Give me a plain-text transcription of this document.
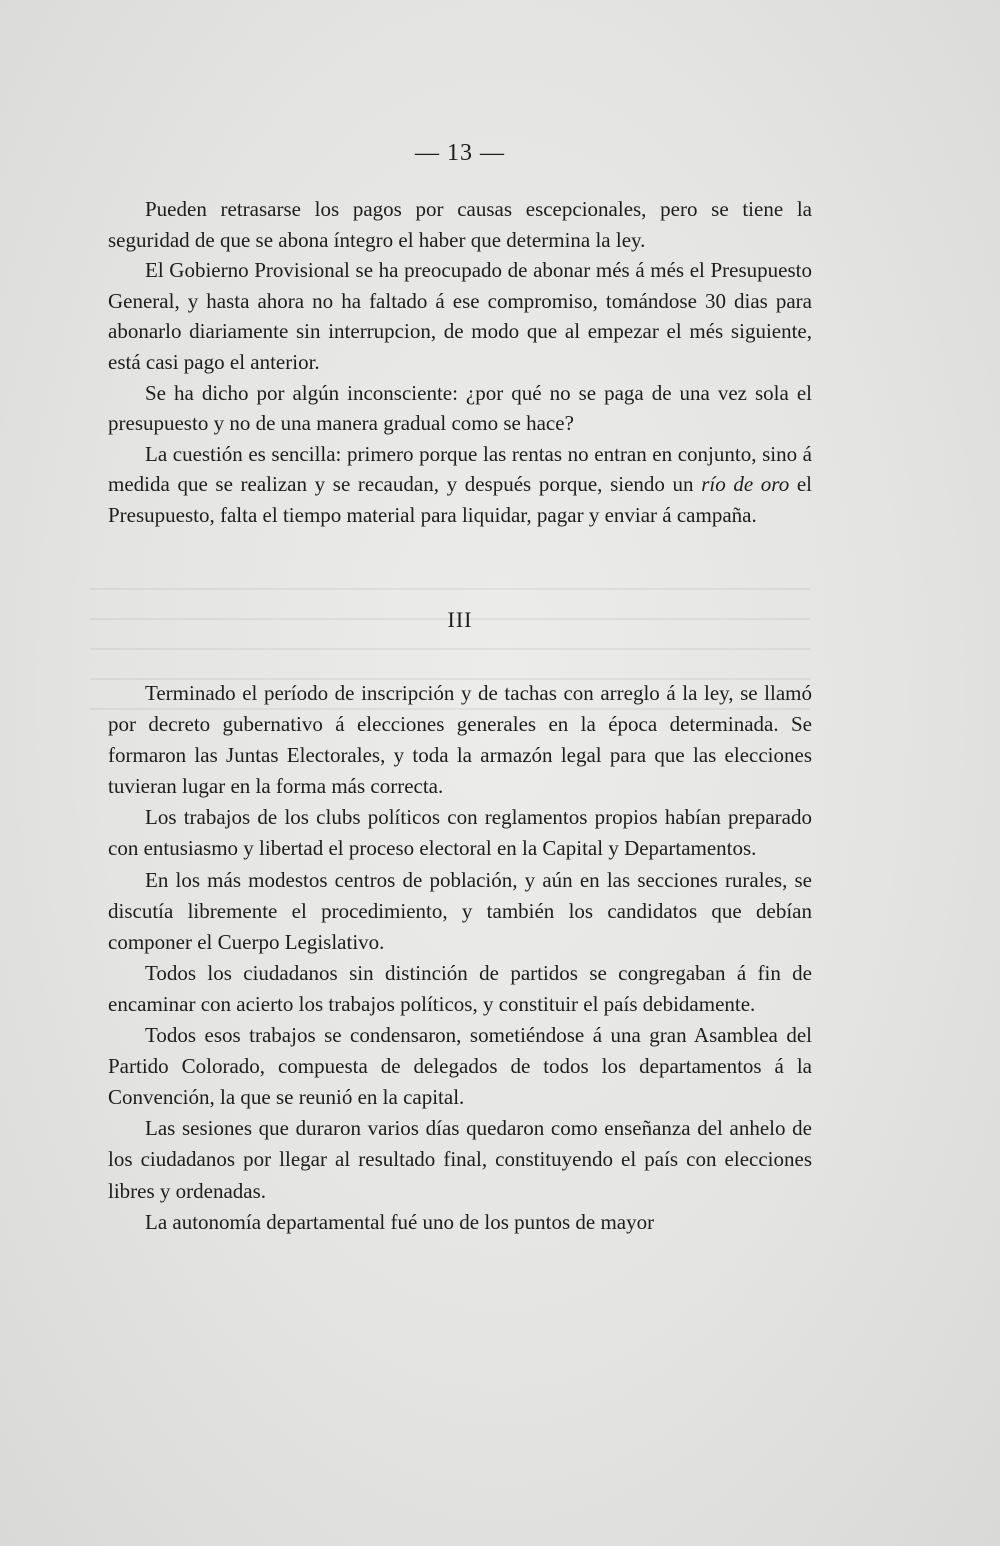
— 13 —

Pueden retrasarse los pagos por causas escepcionales, pero se tiene la seguridad de que se abona íntegro el haber que determina la ley.

El Gobierno Provisional se ha preocupado de abonar més á més el Presupuesto General, y hasta ahora no ha faltado á ese compromiso, tomándose 30 dias para abonarlo diariamente sin interrupcion, de modo que al empezar el més siguiente, está casi pago el anterior.

Se ha dicho por algún inconsciente: ¿por qué no se paga de una vez sola el presupuesto y no de una manera gradual como se hace?

La cuestión es sencilla: primero porque las rentas no entran en conjunto, sino á medida que se realizan y se recaudan, y después porque, siendo un río de oro el Presupuesto, falta el tiempo material para liquidar, pagar y enviar á campaña.

III

Terminado el período de inscripción y de tachas con arreglo á la ley, se llamó por decreto gubernativo á elecciones generales en la época determinada. Se formaron las Juntas Electorales, y toda la armazón legal para que las elecciones tuvieran lugar en la forma más correcta.

Los trabajos de los clubs políticos con reglamentos propios habían preparado con entusiasmo y libertad el proceso electoral en la Capital y Departamentos.

En los más modestos centros de población, y aún en las secciones rurales, se discutía libremente el procedimiento, y también los candidatos que debían componer el Cuerpo Legislativo.

Todos los ciudadanos sin distinción de partidos se congregaban á fin de encaminar con acierto los trabajos políticos, y constituir el país debidamente.

Todos esos trabajos se condensaron, sometiéndose á una gran Asamblea del Partido Colorado, compuesta de delegados de todos los departamentos á la Convención, la que se reunió en la capital.

Las sesiones que duraron varios días quedaron como enseñanza del anhelo de los ciudadanos por llegar al resultado final, constituyendo el país con elecciones libres y ordenadas.

La autonomía departamental fué uno de los puntos de mayor
